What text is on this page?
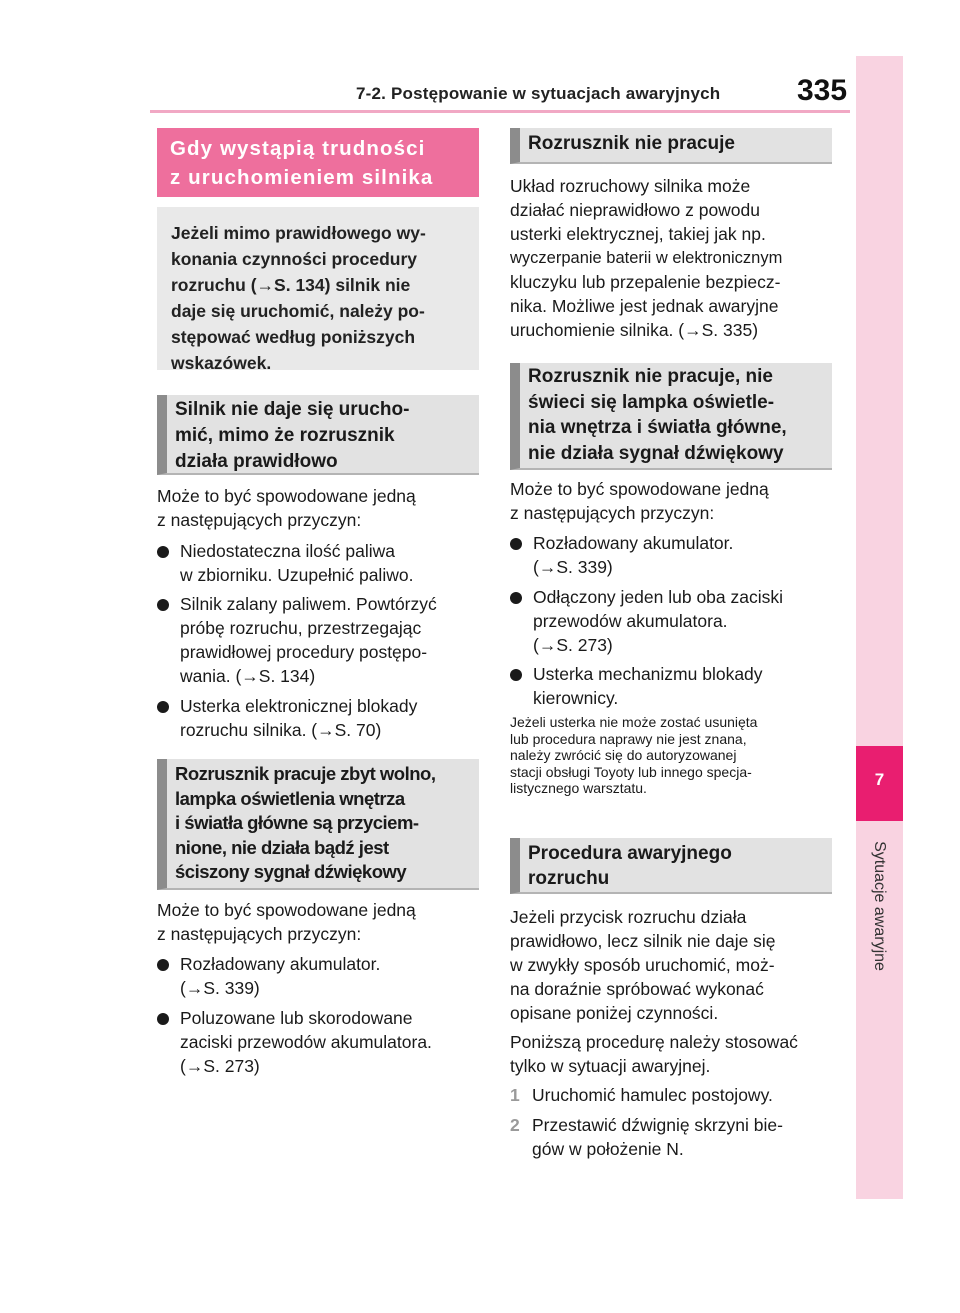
7-2. Postępowanie w sytuacjach awaryjnych	335
7
Sytuacje awaryjne
Gdy wystąpią trudności
z uruchomieniem silnika
Jeżeli mimo prawidłowego wy-
konania czynności procedury
rozruchu (→S. 134) silnik nie
daje się uruchomić, należy po-
stępować według poniższych
wskazówek.
Silnik nie daje się urucho-
mić, mimo że rozrusznik
działa prawidłowo
Może to być spowodowane jedną
z następujących przyczyn:
Niedostateczna ilość paliwa
w zbiorniku. Uzupełnić paliwo.
Silnik zalany paliwem. Powtórzyć
próbę rozruchu, przestrzegając
prawidłowej procedury postępo-
wania. (→S. 134)
Usterka elektronicznej blokady
rozruchu silnika. (→S. 70)
Rozrusznik pracuje zbyt wolno,
lampka oświetlenia wnętrza
i światła główne są przyciem-
nione, nie działa bądź jest
ściszony sygnał dźwiękowy
Może to być spowodowane jedną
z następujących przyczyn:
Rozładowany akumulator.
(→S. 339)
Poluzowane lub skorodowane
zaciski przewodów akumulatora.
(→S. 273)
Rozrusznik nie pracuje
Układ rozruchowy silnika może
działać nieprawidłowo z powodu
usterki elektrycznej, takiej jak np.
wyczerpanie baterii w elektronicznym
kluczyku lub przepalenie bezpiecz-
nika. Możliwe jest jednak awaryjne
uruchomienie silnika. (→S. 335)
Rozrusznik nie pracuje, nie
świeci się lampka oświetle-
nia wnętrza i światła główne,
nie działa sygnał dźwiękowy
Może to być spowodowane jedną
z następujących przyczyn:
Rozładowany akumulator.
(→S. 339)
Odłączony jeden lub oba zaciski
przewodów akumulatora.
(→S. 273)
Usterka mechanizmu blokady
kierownicy.
Jeżeli usterka nie może zostać usunięta
lub procedura naprawy nie jest znana,
należy zwrócić się do autoryzowanej
stacji obsługi Toyoty lub innego specja-
listycznego warsztatu.
Procedura awaryjnego
rozruchu
Jeżeli przycisk rozruchu działa
prawidłowo, lecz silnik nie daje się
w zwykły sposób uruchomić, moż-
na doraźnie spróbować wykonać
opisane poniżej czynności.
Poniższą procedurę należy stosować
tylko w sytuacji awaryjnej.
1 Uruchomić hamulec postojowy.
2 Przestawić dźwignię skrzyni bie-
gów w położenie N.
